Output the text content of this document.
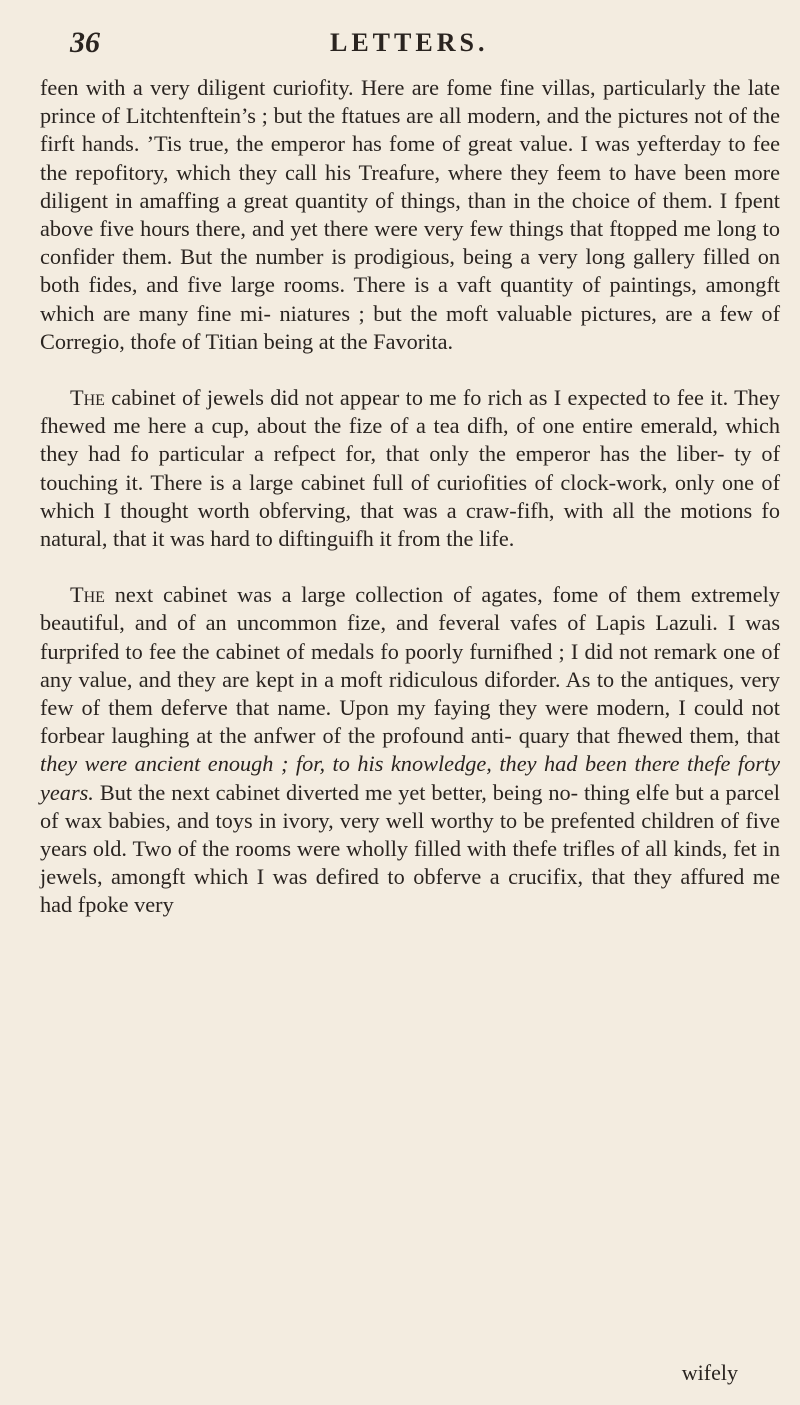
36	LETTERS.

feen with a very diligent curiofity. Here are fome fine villas, particularly the late prince of Litchtenftein’s ; but the ftatues are all modern, and the pictures not of the firft hands. ’Tis true, the emperor has fome of great value. I was yefterday to fee the repofitory, which they call his Treafure, where they feem to have been more diligent in amaffing a great quantity of things, than in the choice of them. I fpent above five hours there, and yet there were very few things that ftopped me long to confider them. But the number is prodigious, being a very long gallery filled on both fides, and five large rooms. There is a vaft quantity of paintings, amongft which are many fine mi- niatures ; but the moft valuable pictures, are a few of Corregio, thofe of Titian being at the Favorita.

The cabinet of jewels did not appear to me fo rich as I expected to fee it. They fhewed me here a cup, about the fize of a tea difh, of one entire emerald, which they had fo particular a refpect for, that only the emperor has the liber- ty of touching it. There is a large cabinet full of curiofities of clock-work, only one of which I thought worth obferving, that was a craw-fifh, with all the motions fo natural, that it was hard to diftinguifh it from the life.

The next cabinet was a large collection of agates, fome of them extremely beautiful, and of an uncommon fize, and feveral vafes of Lapis Lazuli. I was furprifed to fee the cabinet of medals fo poorly furnifhed ; I did not remark one of any value, and they are kept in a moft ridiculous diforder. As to the antiques, very few of them deferve that name. Upon my faying they were modern, I could not forbear laughing at the anfwer of the profound anti- quary that fhewed them, that they were ancient enough ; for, to his knowledge, they had been there thefe forty years. But the next cabinet diverted me yet better, being no- thing elfe but a parcel of wax babies, and toys in ivory, very well worthy to be prefented children of five years old. Two of the rooms were wholly filled with thefe trifles of all kinds, fet in jewels, amongft which I was defired to obferve a crucifix, that they affured me had fpoke very

wifely
